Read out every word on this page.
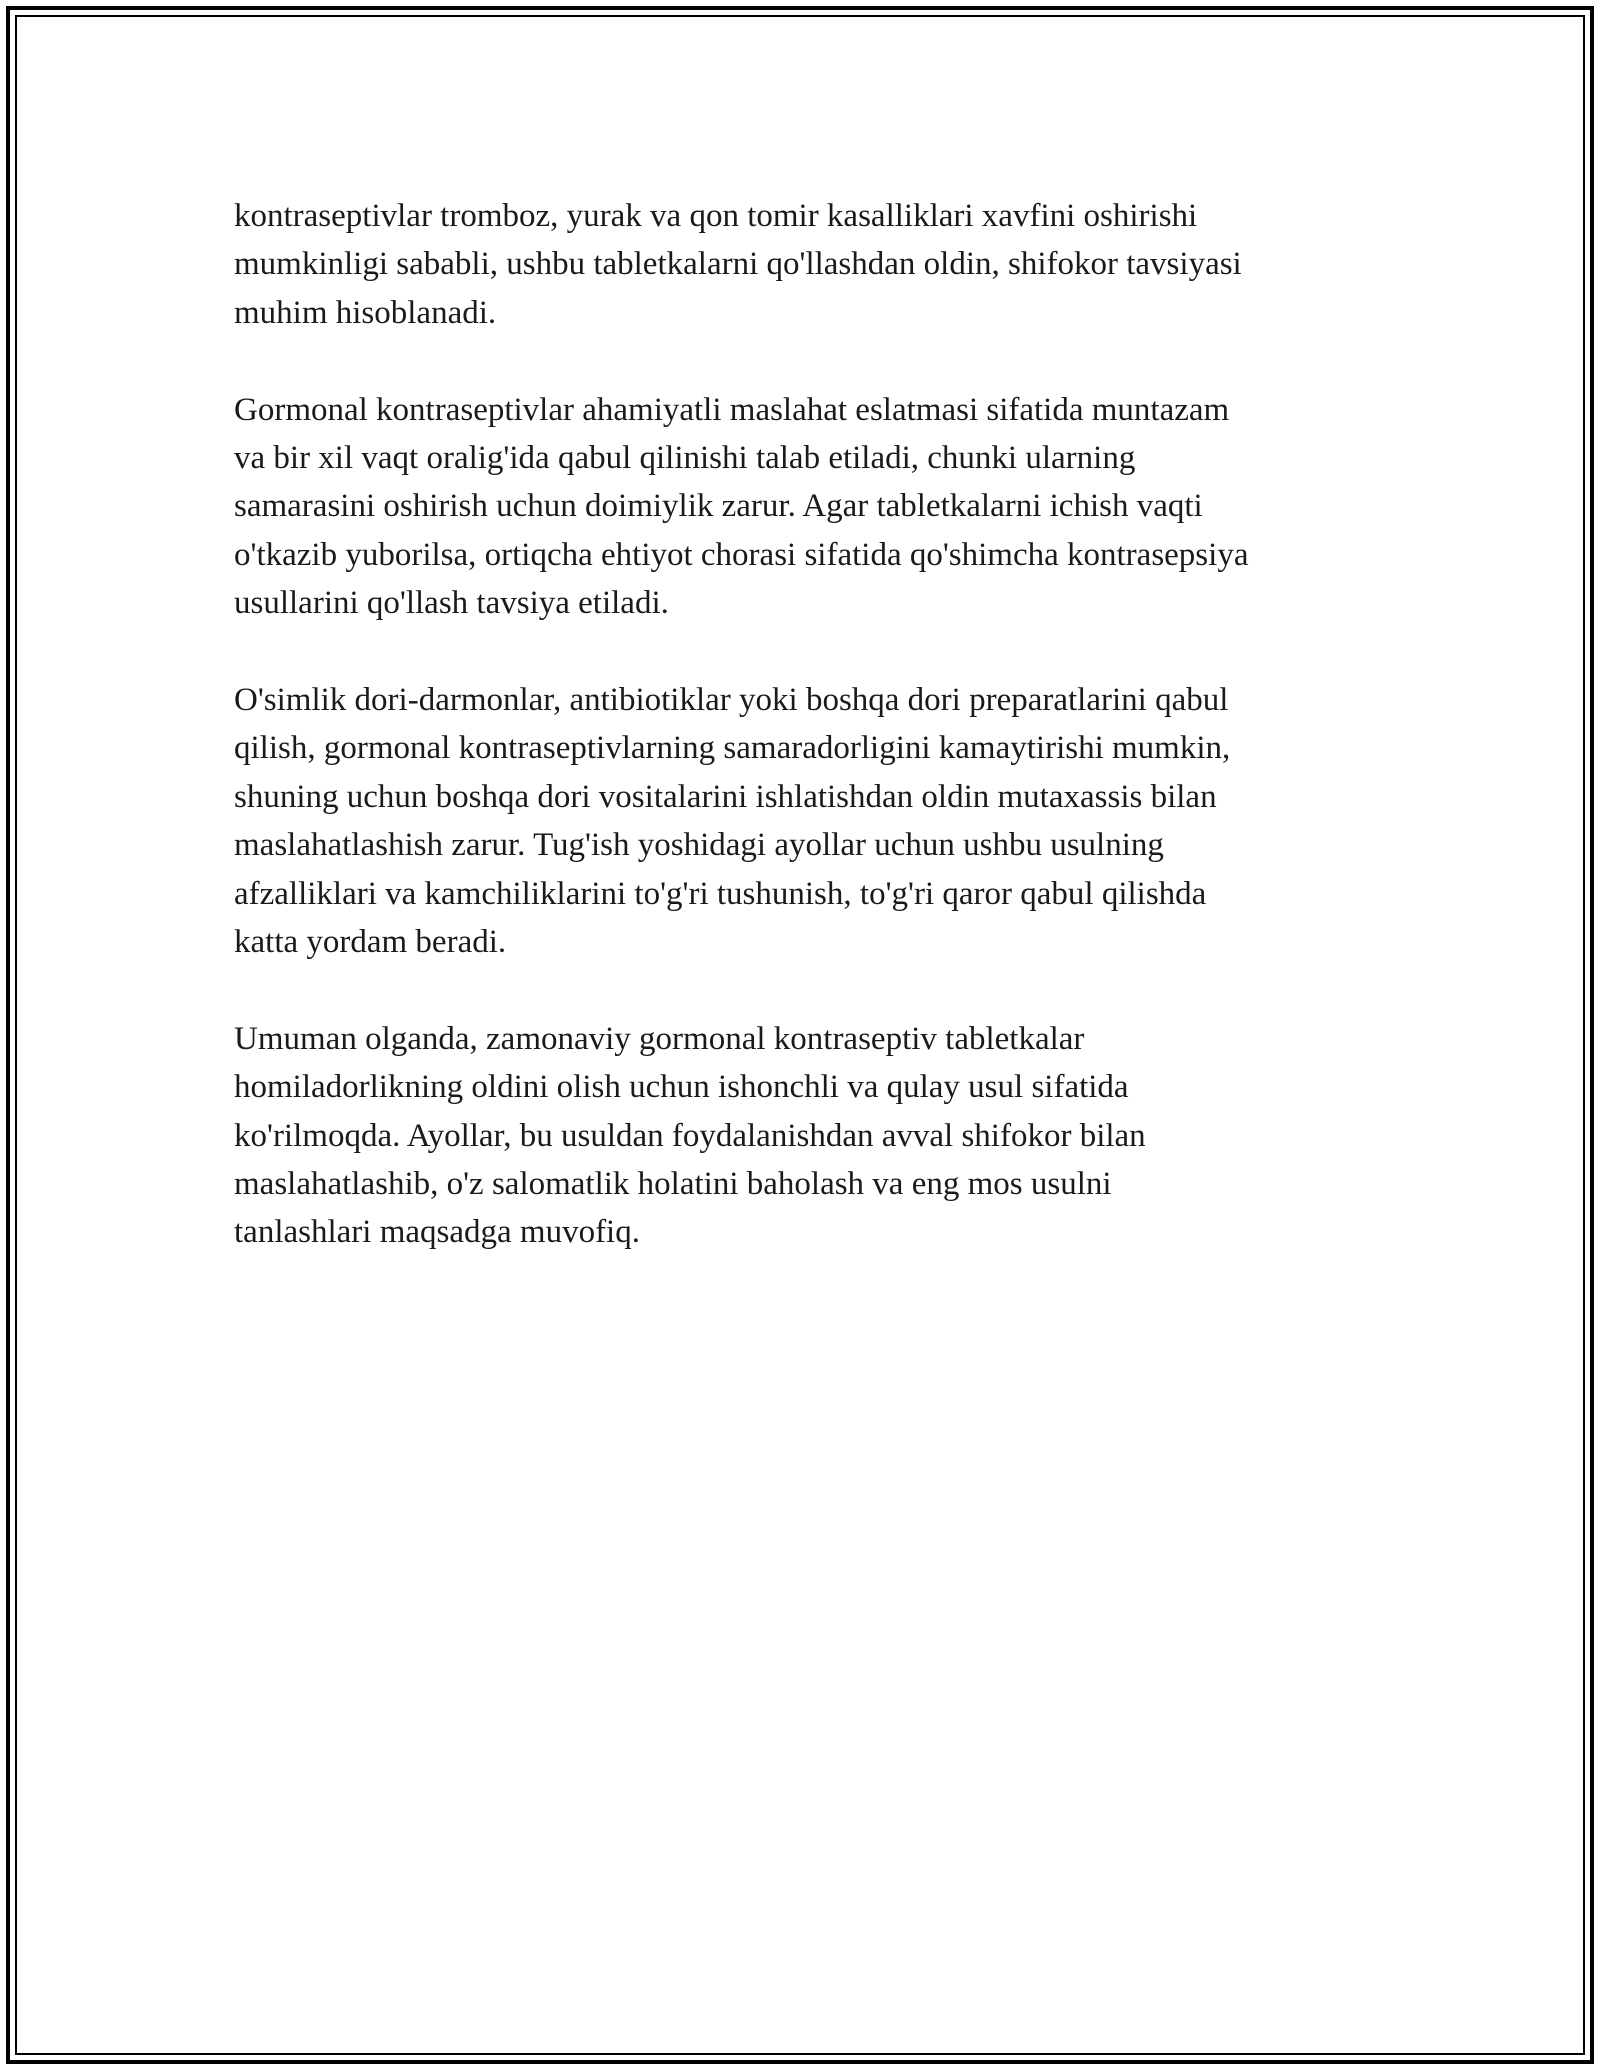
kontraseptivlar tromboz, yurak va qon tomir kasalliklari xavfini oshirishi
mumkinligi sababli, ushbu tabletkalarni qo'llashdan oldin, shifokor tavsiyasi
muhim hisoblanadi.

Gormonal kontraseptivlar ahamiyatli maslahat eslatmasi sifatida muntazam
va bir xil vaqt oralig'ida qabul qilinishi talab etiladi, chunki ularning
samarasini oshirish uchun doimiylik zarur. Agar tabletkalarni ichish vaqti
o'tkazib yuborilsa, ortiqcha ehtiyot chorasi sifatida qo'shimcha kontrasepsiya
usullarini qo'llash tavsiya etiladi.

O'simlik dori-darmonlar, antibiotiklar yoki boshqa dori preparatlarini qabul
qilish, gormonal kontraseptivlarning samaradorligini kamaytirishi mumkin,
shuning uchun boshqa dori vositalarini ishlatishdan oldin mutaxassis bilan
maslahatlashish zarur. Tug'ish yoshidagi ayollar uchun ushbu usulning
afzalliklari va kamchiliklarini to'g'ri tushunish, to'g'ri qaror qabul qilishda
katta yordam beradi.

Umuman olganda, zamonaviy gormonal kontraseptiv tabletkalar
homiladorlikning oldini olish uchun ishonchli va qulay usul sifatida
ko'rilmoqda. Ayollar, bu usuldan foydalanishdan avval shifokor bilan
maslahatlashib, o'z salomatlik holatini baholash va eng mos usulni
tanlashlari maqsadga muvofiq.
